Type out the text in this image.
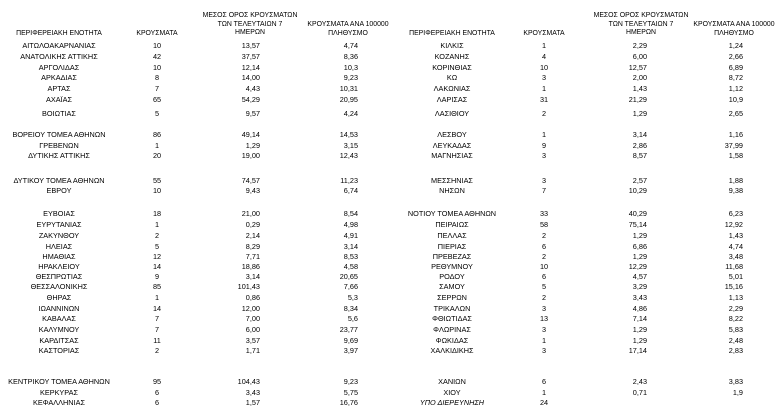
ΠΕΡΙΦΕΡΕΙΑΚΗ ΕΝΟΤΗΤΑ	ΚΡΟΥΣΜΑΤΑ
ΜΕΣΟΣ ΟΡΟΣ ΚΡΟΥΣΜΑΤΩΝ
ΤΩΝ ΤΕΛΕΥΤΑΙΩΝ 7
ΗΜΕΡΩΝ
ΚΡΟΥΣΜΑΤΑ ΑΝΑ 100000
ΠΛΗΘΥΣΜΟ	ΠΕΡΙΦΕΡΕΙΑΚΗ ΕΝΟΤΗΤΑ	ΚΡΟΥΣΜΑΤΑ
ΜΕΣΟΣ ΟΡΟΣ ΚΡΟΥΣΜΑΤΩΝ
ΤΩΝ ΤΕΛΕΥΤΑΙΩΝ 7
ΗΜΕΡΩΝ
ΚΡΟΥΣΜΑΤΑ ΑΝΑ 100000
ΠΛΗΘΥΣΜΟ
ΑΙΤΩΛΟΑΚΑΡΝΑΝΙΑΣ	10	13,57	4,74
ΑΝΑΤΟΛΙΚΗΣ ΑΤΤΙΚΗΣ	42	37,57	8,36
ΑΡΓΟΛΙΔΑΣ	10	12,14	10,3
ΑΡΚΑΔΙΑΣ	8	14,00	9,23
ΑΡΤΑΣ	7	4,43	10,31
ΑΧΑΪΑΣ	65	54,29	20,95
ΒΟΙΩΤΙΑΣ	5	9,57	4,24
ΒΟΡΕΙΟΥ ΤΟΜΕΑ ΑΘΗΝΩΝ	86	49,14	14,53
ΓΡΕΒΕΝΩΝ	1	1,29	3,15
ΔΥΤΙΚΗΣ ΑΤΤΙΚΗΣ	20	19,00	12,43
ΔΥΤΙΚΟΥ ΤΟΜΕΑ ΑΘΗΝΩΝ	55	74,57	11,23
ΕΒΡΟΥ	10	9,43	6,74
ΕΥΒΟΙΑΣ	18	21,00	8,54
ΕΥΡΥΤΑΝΙΑΣ	1	0,29	4,98
ΖΑΚΥΝΘΟΥ	2	2,14	4,91
ΗΛΕΙΑΣ	5	8,29	3,14
ΗΜΑΘΙΑΣ	12	7,71	8,53
ΗΡΑΚΛΕΙΟΥ	14	18,86	4,58
ΘΕΣΠΡΩΤΙΑΣ	9	3,14	20,65
ΘΕΣΣΑΛΟΝΙΚΗΣ	85	101,43	7,66
ΘΗΡΑΣ	1	0,86	5,3
ΙΩΑΝΝΙΝΩΝ	14	12,00	8,34
ΚΑΒΑΛΑΣ	7	7,00	5,6
ΚΑΛΥΜΝΟΥ	7	6,00	23,77
ΚΑΡΔΙΤΣΑΣ	11	3,57	9,69
ΚΑΣΤΟΡΙΑΣ	2	1,71	3,97
ΚΕΝΤΡΙΚΟΥ ΤΟΜΕΑ ΑΘΗΝΩΝ	95	104,43	9,23
ΚΕΡΚΥΡΑΣ	6	3,43	5,75
ΚΕΦΑΛΛΗΝΙΑΣ	6	1,57	16,76
ΚΙΛΚΙΣ	1	2,29	1,24
ΚΟΖΑΝΗΣ	4	6,00	2,66
ΚΟΡΙΝΘΙΑΣ	10	12,57	6,89
ΚΩ	3	2,00	8,72
ΛΑΚΩΝΙΑΣ	1	1,43	1,12
ΛΑΡΙΣΑΣ	31	21,29	10,9
ΛΑΣΙΘΙΟΥ	2	1,29	2,65
ΛΕΣΒΟΥ	1	3,14	1,16
ΛΕΥΚΑΔΑΣ	9	2,86	37,99
ΜΑΓΝΗΣΙΑΣ	3	8,57	1,58
ΜΕΣΣΗΝΙΑΣ	3	2,57	1,88
ΝΗΣΩΝ	7	10,29	9,38
ΝΟΤΙΟΥ ΤΟΜΕΑ ΑΘΗΝΩΝ	33	40,29	6,23
ΠΕΙΡΑΙΩΣ	58	75,14	12,92
ΠΕΛΛΑΣ	2	1,29	1,43
ΠΙΕΡΙΑΣ	6	6,86	4,74
ΠΡΕΒΕΖΑΣ	2	1,29	3,48
ΡΕΘΥΜΝΟΥ	10	12,29	11,68
ΡΟΔΟΥ	6	4,57	5,01
ΣΑΜΟΥ	5	3,29	15,16
ΣΕΡΡΩΝ	2	3,43	1,13
ΤΡΙΚΑΛΩΝ	3	4,86	2,29
ΦΘΙΩΤΙΔΑΣ	13	7,14	8,22
ΦΛΩΡΙΝΑΣ	3	1,29	5,83
ΦΩΚΙΔΑΣ	1	1,29	2,48
ΧΑΛΚΙΔΙΚΗΣ	3	17,14	2,83
ΧΑΝΙΩΝ	6	2,43	3,83
ΧΙΟΥ	1	0,71	1,9
ΥΠΟ ΔΙΕΡΕΥΝΗΣΗ	24
